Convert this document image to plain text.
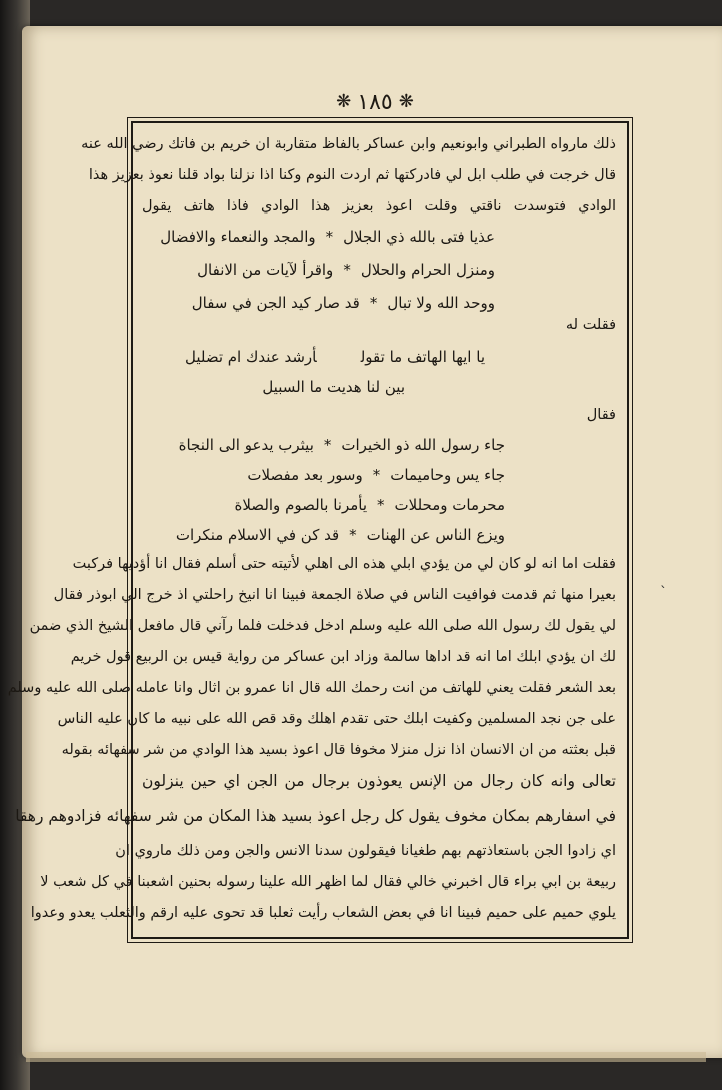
❋ ١٨٥ ❋
ذلك مارواه الطبراني وابونعيم وابن عساكر بالفاظ متقاربة ان خريم بن فاتك رضي الله عنه
قال خرجت في طلب ابل لي فادركتها ثم اردت النوم وكنا اذا نزلنا بواد قلنا نعوذ بعزيز هذا
الوادي فتوسدت ناقتي وقلت اعوذ بعزيز هذا الوادي فاذا هاتف يقول
عذيا فتى بالله ذي الجلال*والمجد والنعماء والافضال
ومنزل الحرام والحلال*واقرأ لآيات من الانفال
ووحد الله ولا تبال*قد صار كيد الجن في سفال
فقلت له
يا ايها الهاتف ما تقولأرشد عندك ام تضليل
بين لنا هديت ما السبيل
فقال
جاء رسول الله ذو الخيرات*بيثرب يدعو الى النجاة
جاء يس وحاميمات*وسور بعد مفصلات
محرمات ومحللات*يأمرنا بالصوم والصلاة
ويزع الناس عن الهنات*قد كن في الاسلام منكرات
فقلت اما انه لو كان لي من يؤدي ابلي هذه الى اهلي لأتيته حتى أسلم فقال انا أؤديها فركبت
بعيرا منها ثم قدمت فوافيت الناس في صلاة الجمعة فبينا انا انيخ راحلتي اذ خرج الي ابوذر فقال
لي يقول لك رسول الله صلى الله عليه وسلم ادخل فدخلت فلما رآني قال مافعل الشيخ الذي ضمن
لك ان يؤدي ابلك اما انه قد اداها سالمة وزاد ابن عساكر من رواية قيس بن الربيع قول خريم
بعد الشعر فقلت يعني للهاتف من انت رحمك الله قال انا عمرو بن اثال وانا عامله صلى الله عليه وسلم
على جن نجد المسلمين وكفيت ابلك حتى تقدم اهلك وقد قص الله على نبيه ما كان عليه الناس
قبل بعثته من ان الانسان اذا نزل منزلا مخوفا قال اعوذ بسيد هذا الوادي من شر سفهائه بقوله
تعالى وانه كان رجال من الإنس يعوذون برجال من الجن اي حين ينزلون
في اسفارهم بمكان مخوف يقول كل رجل اعوذ بسيد هذا المكان من شر سفهائه فزادوهم رهقا
اي زادوا الجن باستعاذتهم بهم طغيانا فيقولون سدنا الانس والجن ومن ذلك ماروي ان
ربيعة بن ابي براء قال اخبرني خالي فقال لما اظهر الله علينا رسوله بحنين اشعبنا في كل شعب لا
يلوي حميم على حميم فبينا انا في بعض الشعاب رأيت ثعلبا قد تحوى عليه ارقم والثعلب يعدو وعدوا
ˋ
